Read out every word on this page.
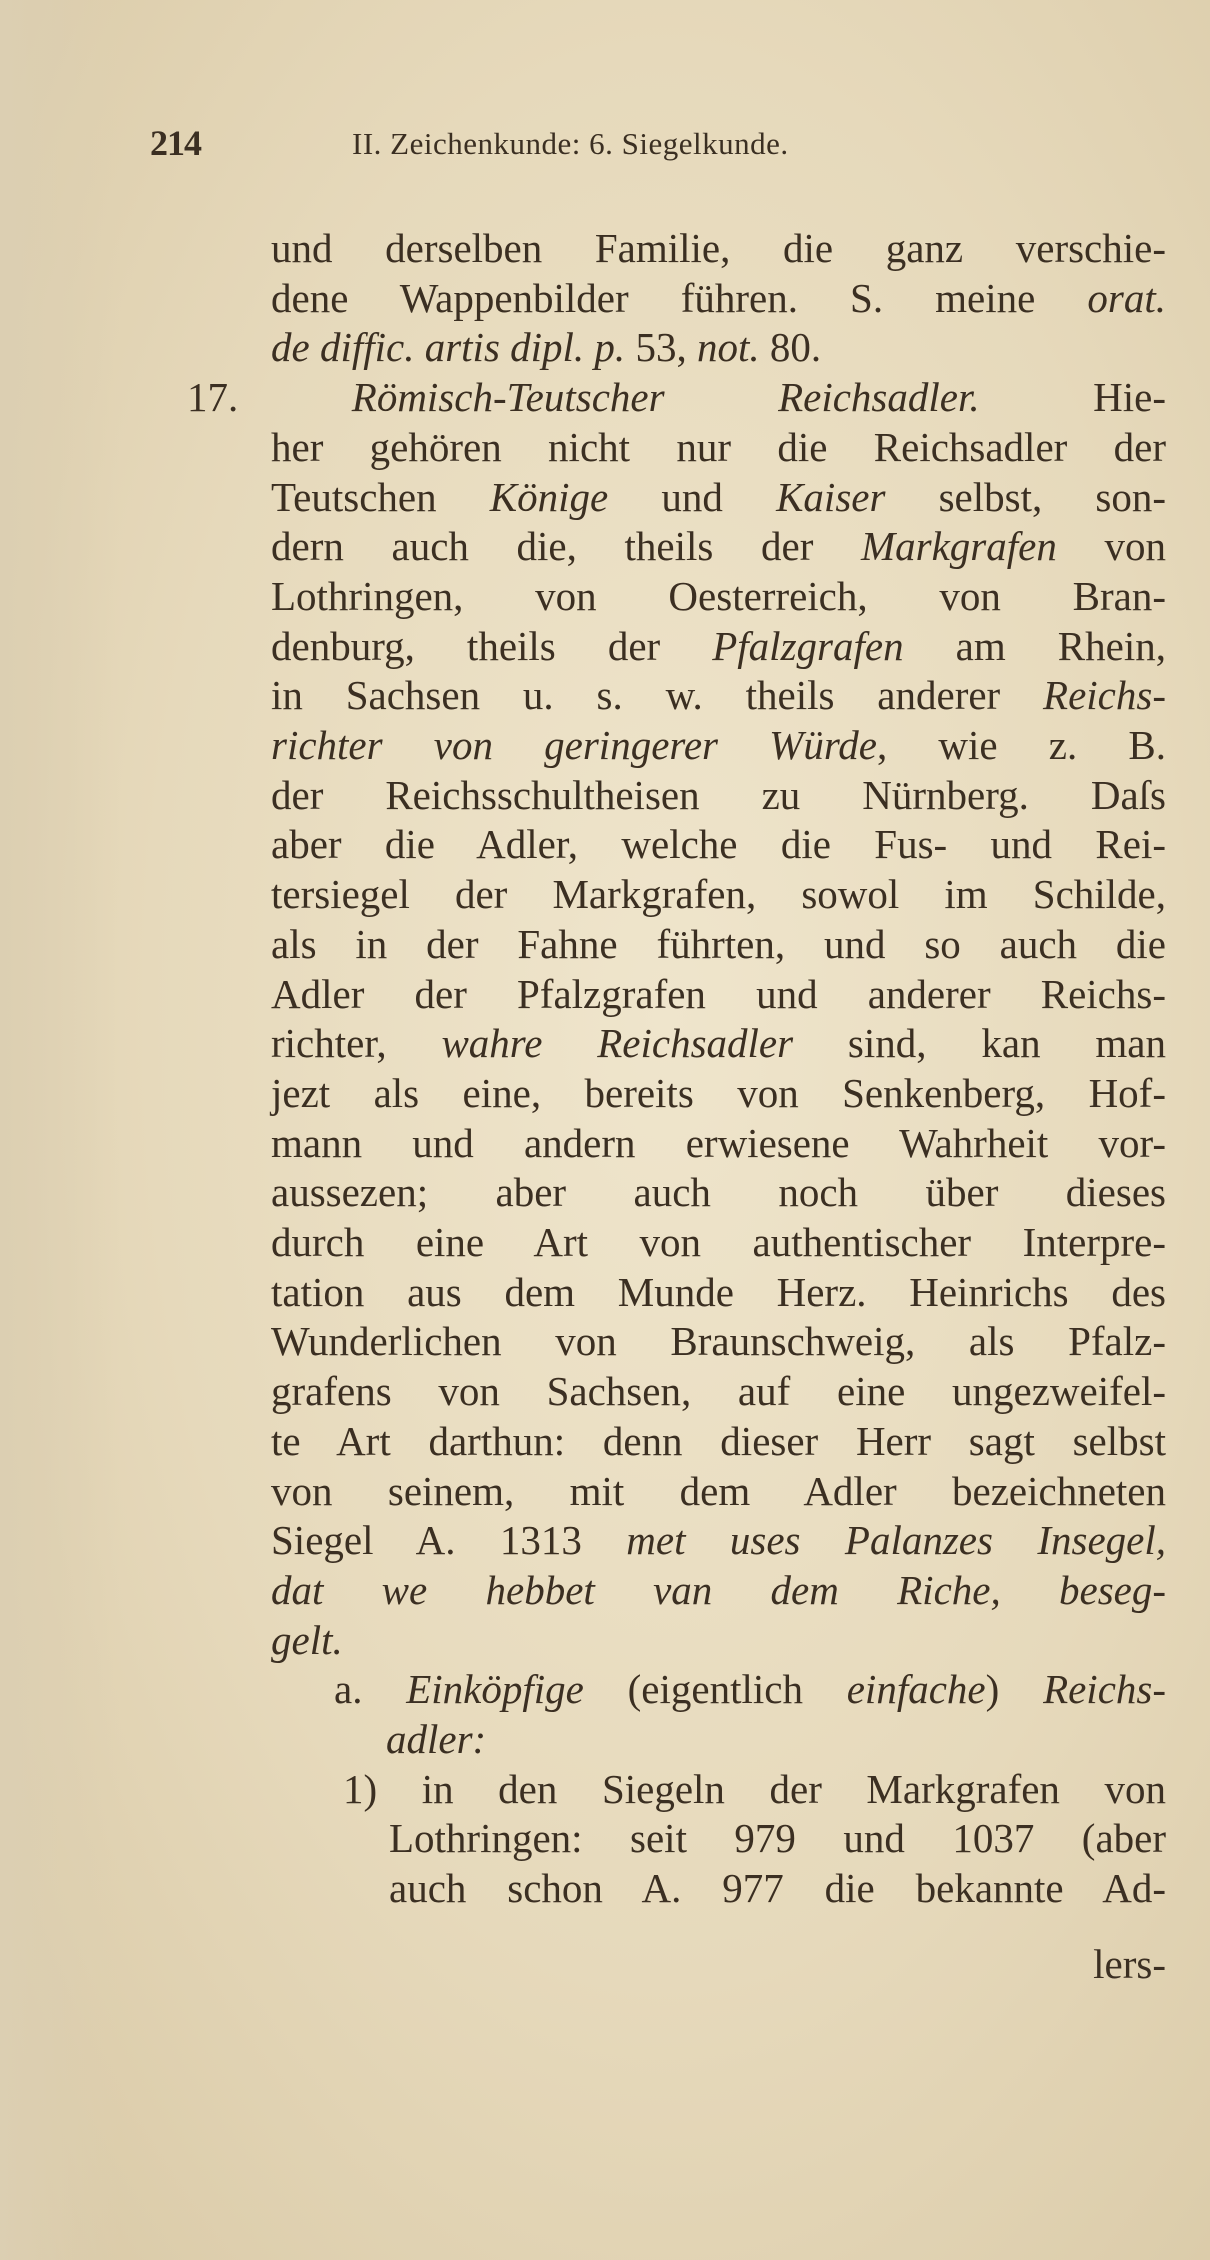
214	II. Zeichenkunde: 6. Siegelkunde.
und derselben Familie, die ganz verschie-
dene Wappenbilder führen. S. meine orat.
de diffic. artis dipl. p. 53, not. 80.
17. Römisch-Teutscher Reichsadler. Hie-
her gehören nicht nur die Reichsadler der
Teutschen Könige und Kaiser selbst, son-
dern auch die, theils der Markgrafen von
Lothringen, von Oesterreich, von Bran-
denburg, theils der Pfalzgrafen am Rhein,
in Sachsen u. s. w. theils anderer Reichs-
richter von geringerer Würde, wie z. B.
der Reichsschultheisen zu Nürnberg. Daſs
aber die Adler, welche die Fus- und Rei-
tersiegel der Markgrafen, sowol im Schilde,
als in der Fahne führten, und so auch die
Adler der Pfalzgrafen und anderer Reichs-
richter, wahre Reichsadler sind, kan man
jezt als eine, bereits von Senkenberg, Hof-
mann und andern erwiesene Wahrheit vor-
aussezen; aber auch noch über dieses
durch eine Art von authentischer Interpre-
tation aus dem Munde Herz. Heinrichs des
Wunderlichen von Braunschweig, als Pfalz-
grafens von Sachsen, auf eine ungezweifel-
te Art darthun: denn dieser Herr sagt selbst
von seinem, mit dem Adler bezeichneten
Siegel A. 1313 met uses Palanzes Insegel,
dat we hebbet van dem Riche, beseg-
gelt.
a. Einköpfige (eigentlich einfache) Reichs-
adler:
1) in den Siegeln der Markgrafen von
Lothringen: seit 979 und 1037 (aber
auch schon A. 977 die bekannte Ad-
lers-
